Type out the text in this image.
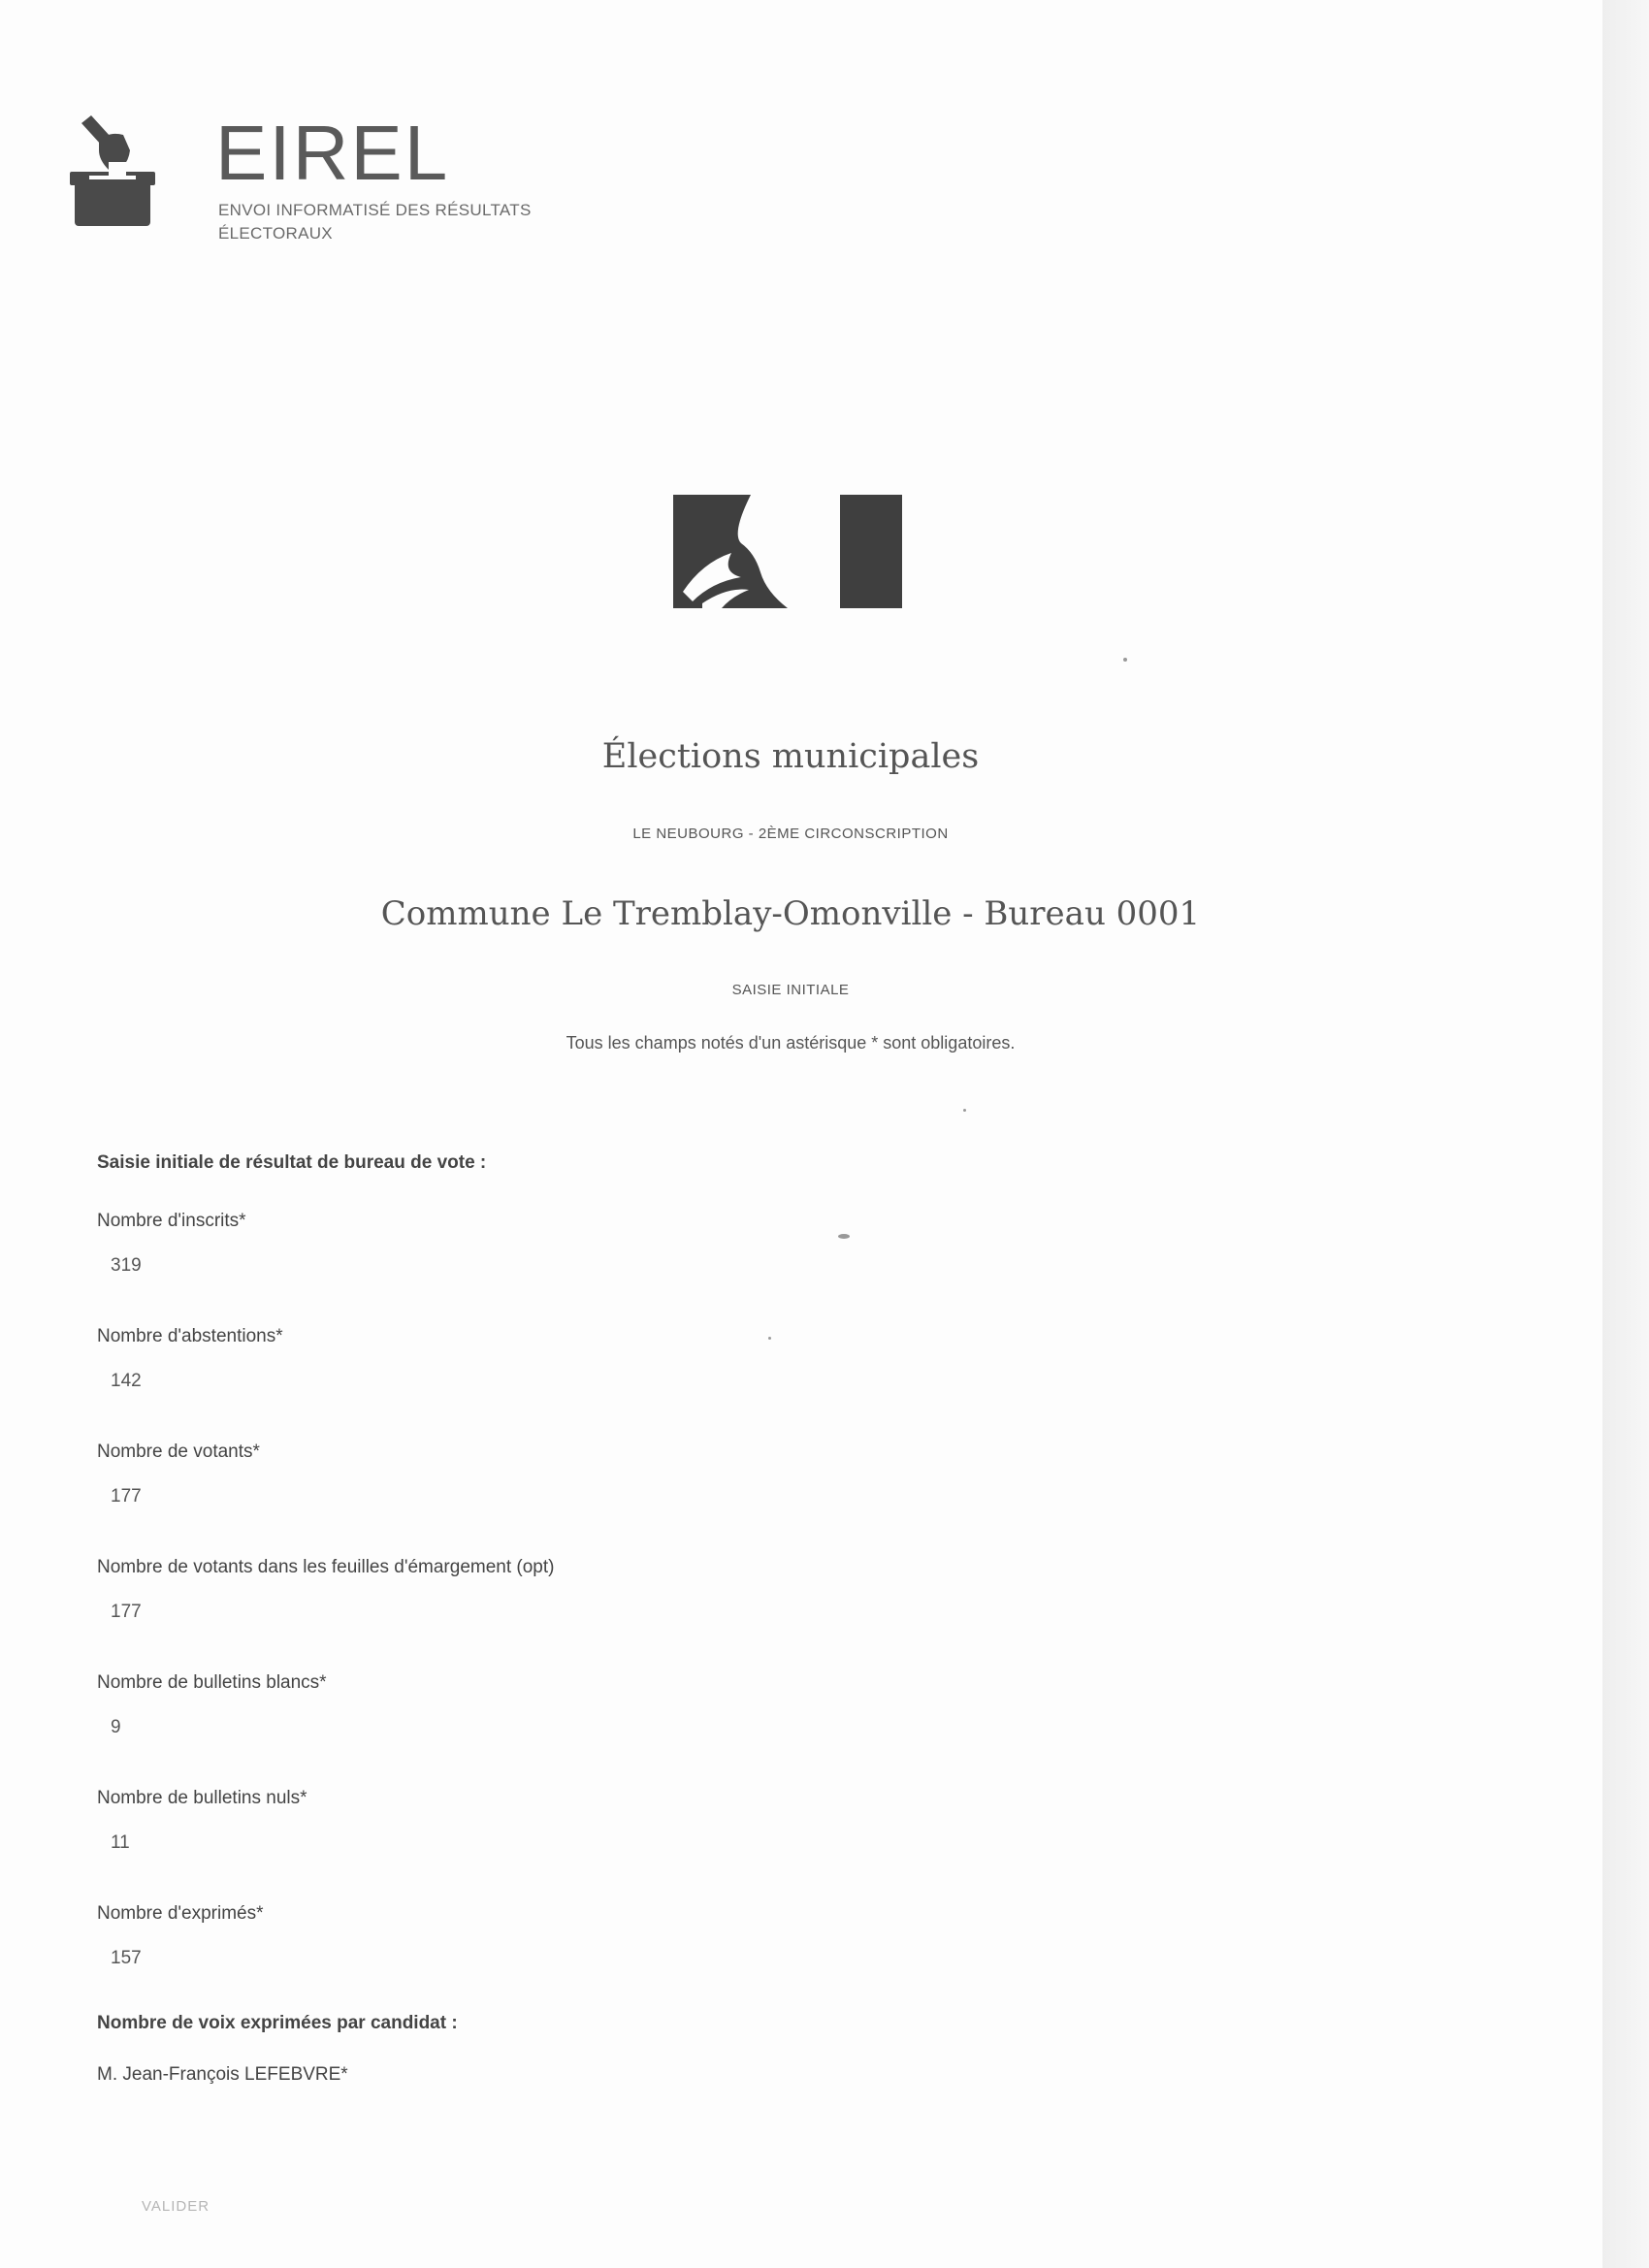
EIREL
ENVOI INFORMATISÉ DES RÉSULTATS ÉLECTORAUX
Élections municipales
LE NEUBOURG - 2ÈME CIRCONSCRIPTION
Commune Le Tremblay-Omonville - Bureau 0001
SAISIE INITIALE
Tous les champs notés d'un astérisque * sont obligatoires.
Saisie initiale de résultat de bureau de vote :
Nombre d'inscrits*
319
Nombre d'abstentions*
142
Nombre de votants*
177
Nombre de votants dans les feuilles d'émargement (opt)
177
Nombre de bulletins blancs*
9
Nombre de bulletins nuls*
11
Nombre d'exprimés*
157
Nombre de voix exprimées par candidat :
M. Jean-François LEFEBVRE*
VALIDER
